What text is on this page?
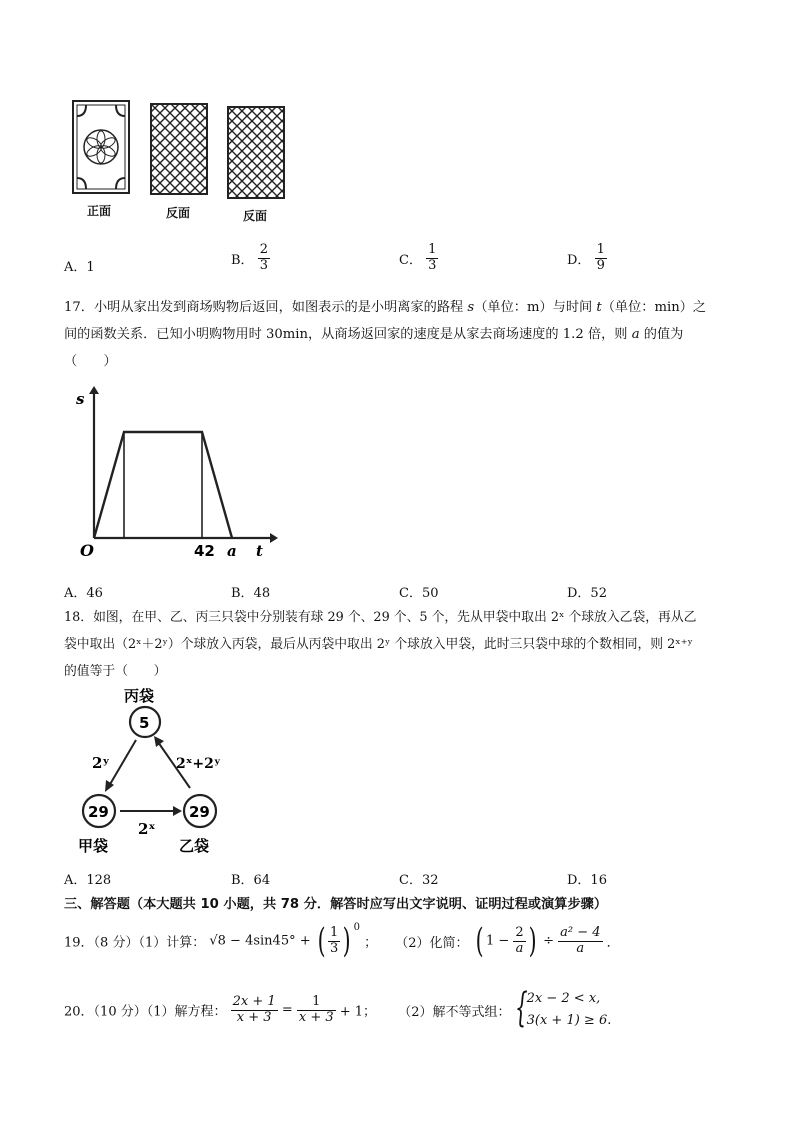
正面	反面	反面
A．1	B． $\frac{2}{3}$	C． $\frac{1}{3}$	D． $\frac{1}{9}$
17．小明从家出发到商场购物后返回，如图表示的是小明离家的路程 s（单位：m）与时间 t（单位：min）之
间的函数关系．已知小明购物用时 30min，从商场返回家的速度是从家去商场速度的 1.2 倍，则 a 的值为
（　　）
s
t
O	42 a
A．46	B．48	C．50	D．52
18．如图，在甲、乙、丙三只袋中分别装有球 29 个、29 个、5 个，先从甲袋中取出 2ˣ 个球放入乙袋，再从乙
袋中取出（2ˣ＋2ʸ）个球放入丙袋，最后从丙袋中取出 2ʸ 个球放入甲袋，此时三只袋中球的个数相同，则 2ˣ⁺ʸ
的值等于（　　）
丙袋
5
29
甲袋
29
乙袋
2ʸ	2ˣ+2ʸ
2ˣ
A．128	B．64	C．32	D．16
三、解答题（本大题共 10 小题，共 78 分．解答时应写出文字说明、证明过程或演算步骤）
19．（8 分）（1）计算： √8 − 4sin45° + ( $\frac{1}{3}$ ) $^0$ ； （2）化简： ( $1 - \frac{2}{a}$ ) ÷ $\frac{\text{a² − 4}}{a}$ ．
20．（10 分）（1）解方程： $\frac{2x + 1}{x + 3} = \frac{1}{x + 3} + 1$； （2）解不等式组： { 2x − 2 < x,
3(x + 1) ≥ 6.
